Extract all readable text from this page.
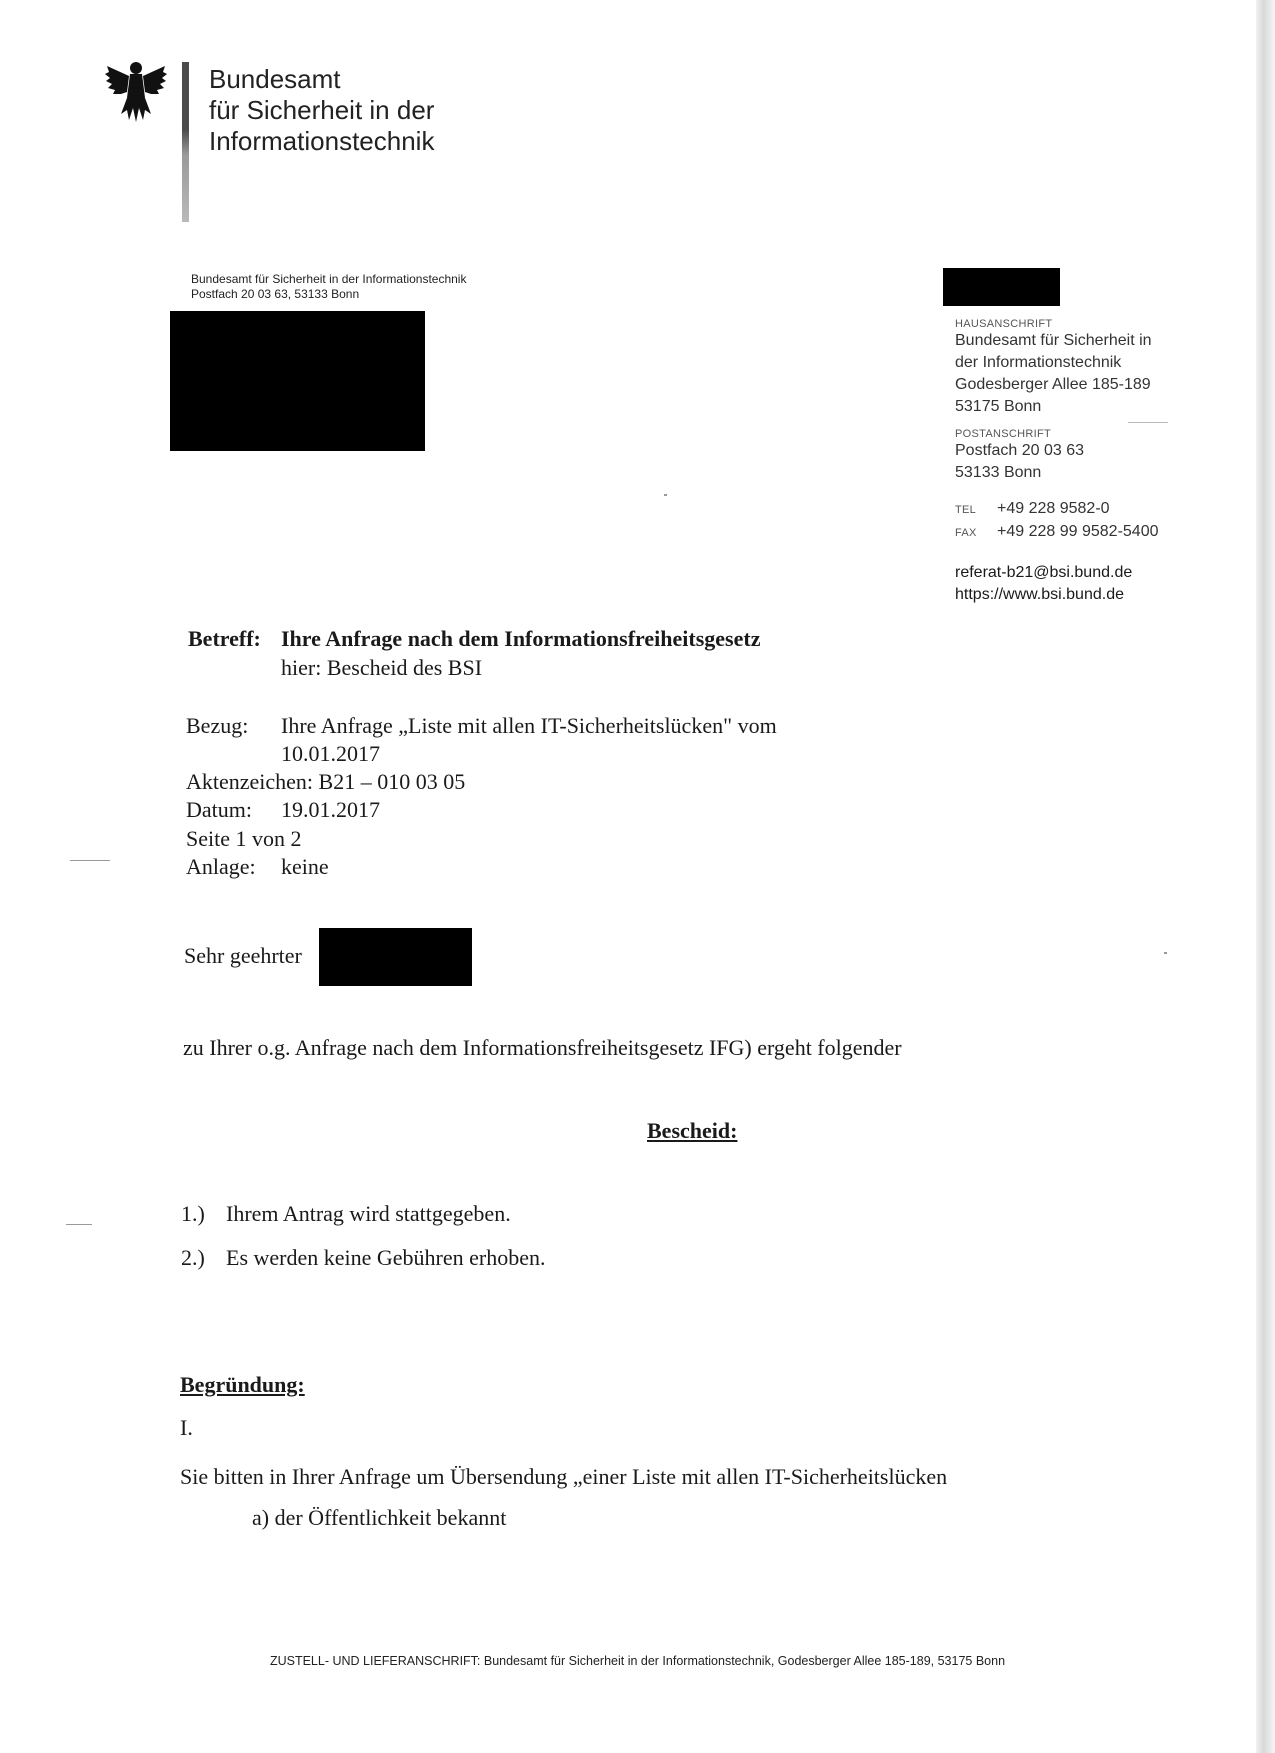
Bundesamt
für Sicherheit in der
Informationstechnik
Bundesamt für Sicherheit in der Informationstechnik
Postfach 20 03 63, 53133 Bonn
HAUSANSCHRIFT
Bundesamt für Sicherheit in
der Informationstechnik
Godesberger Allee 185-189
53175 Bonn
POSTANSCHRIFT
Postfach 20 03 63
53133 Bonn
TEL +49 228 9582-0
FAX +49 228 99 9582-5400
referat-b21@bsi.bund.de
https://www.bsi.bund.de
Betreff: Ihre Anfrage nach dem Informationsfreiheitsgesetz
hier: Bescheid des BSI
Bezug: Ihre Anfrage „Liste mit allen IT-Sicherheitslücken" vom
10.01.2017
Aktenzeichen: B21 – 010 03 05
Datum: 19.01.2017
Seite 1 von 2
Anlage: keine
Sehr geehrter
zu Ihrer o.g. Anfrage nach dem Informationsfreiheitsgesetz IFG) ergeht folgender
Bescheid:
1.) Ihrem Antrag wird stattgegeben.
2.) Es werden keine Gebühren erhoben.
Begründung:
I.
Sie bitten in Ihrer Anfrage um Übersendung „einer Liste mit allen IT-Sicherheitslücken
a) der Öffentlichkeit bekannt
ZUSTELL- UND LIEFERANSCHRIFT: Bundesamt für Sicherheit in der Informationstechnik, Godesberger Allee 185-189, 53175 Bonn
